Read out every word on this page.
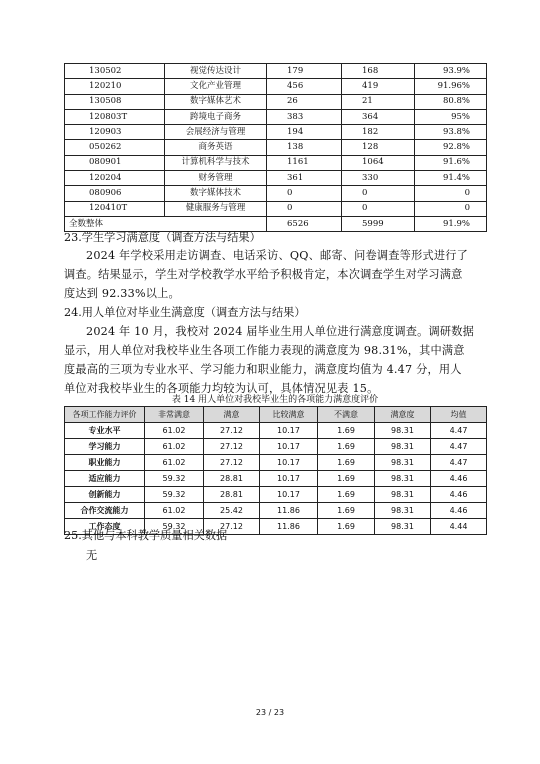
130502	视觉传达设计	179	168	93.9%
120210	文化产业管理	456	419	91.96%
130508	数字媒体艺术	26	21	80.8%
120803T	跨境电子商务	383	364	95%
120903	会展经济与管理	194	182	93.8%
050262	商务英语	138	128	92.8%
080901	计算机科学与技术	1161	1064	91.6%
120204	财务管理	361	330	91.4%
080906	数字媒体技术	0	0	0
120410T	健康服务与管理	0	0	0
全数整体		6526	5999	91.9%

23.学生学习满意度（调查方法与结果）

2024 年学校采用走访调查、电话采访、QQ、邮寄、问卷调查等形式进行了

调查。结果显示，学生对学校教学水平给予积极肯定，本次调查学生对学习满意

度达到 92.33%以上。

24.用人单位对毕业生满意度（调查方法与结果）

2024 年 10 月，我校对 2024 届毕业生用人单位进行满意度调查。调研数据

显示，用人单位对我校毕业生各项工作能力表现的满意度为 98.31%，其中满意

度最高的三项为专业水平、学习能力和职业能力，满意度均值为 4.47 分，用人

单位对我校毕业生的各项能力均较为认可，具体情况见表 15。

表 14 用人单位对我校毕业生的各项能力满意度评价
各项工作能力评价	非常满意	满意	比较满意	不满意	满意度	均值
专业水平	61.02	27.12	10.17	1.69	98.31	4.47
学习能力	61.02	27.12	10.17	1.69	98.31	4.47
职业能力	61.02	27.12	10.17	1.69	98.31	4.47
适应能力	59.32	28.81	10.17	1.69	98.31	4.46
创新能力	59.32	28.81	10.17	1.69	98.31	4.46
合作交流能力	61.02	25.42	11.86	1.69	98.31	4.46
工作态度	59.32	27.12	11.86	1.69	98.31	4.44

25.其他与本科教学质量相关数据

无

23 / 23
